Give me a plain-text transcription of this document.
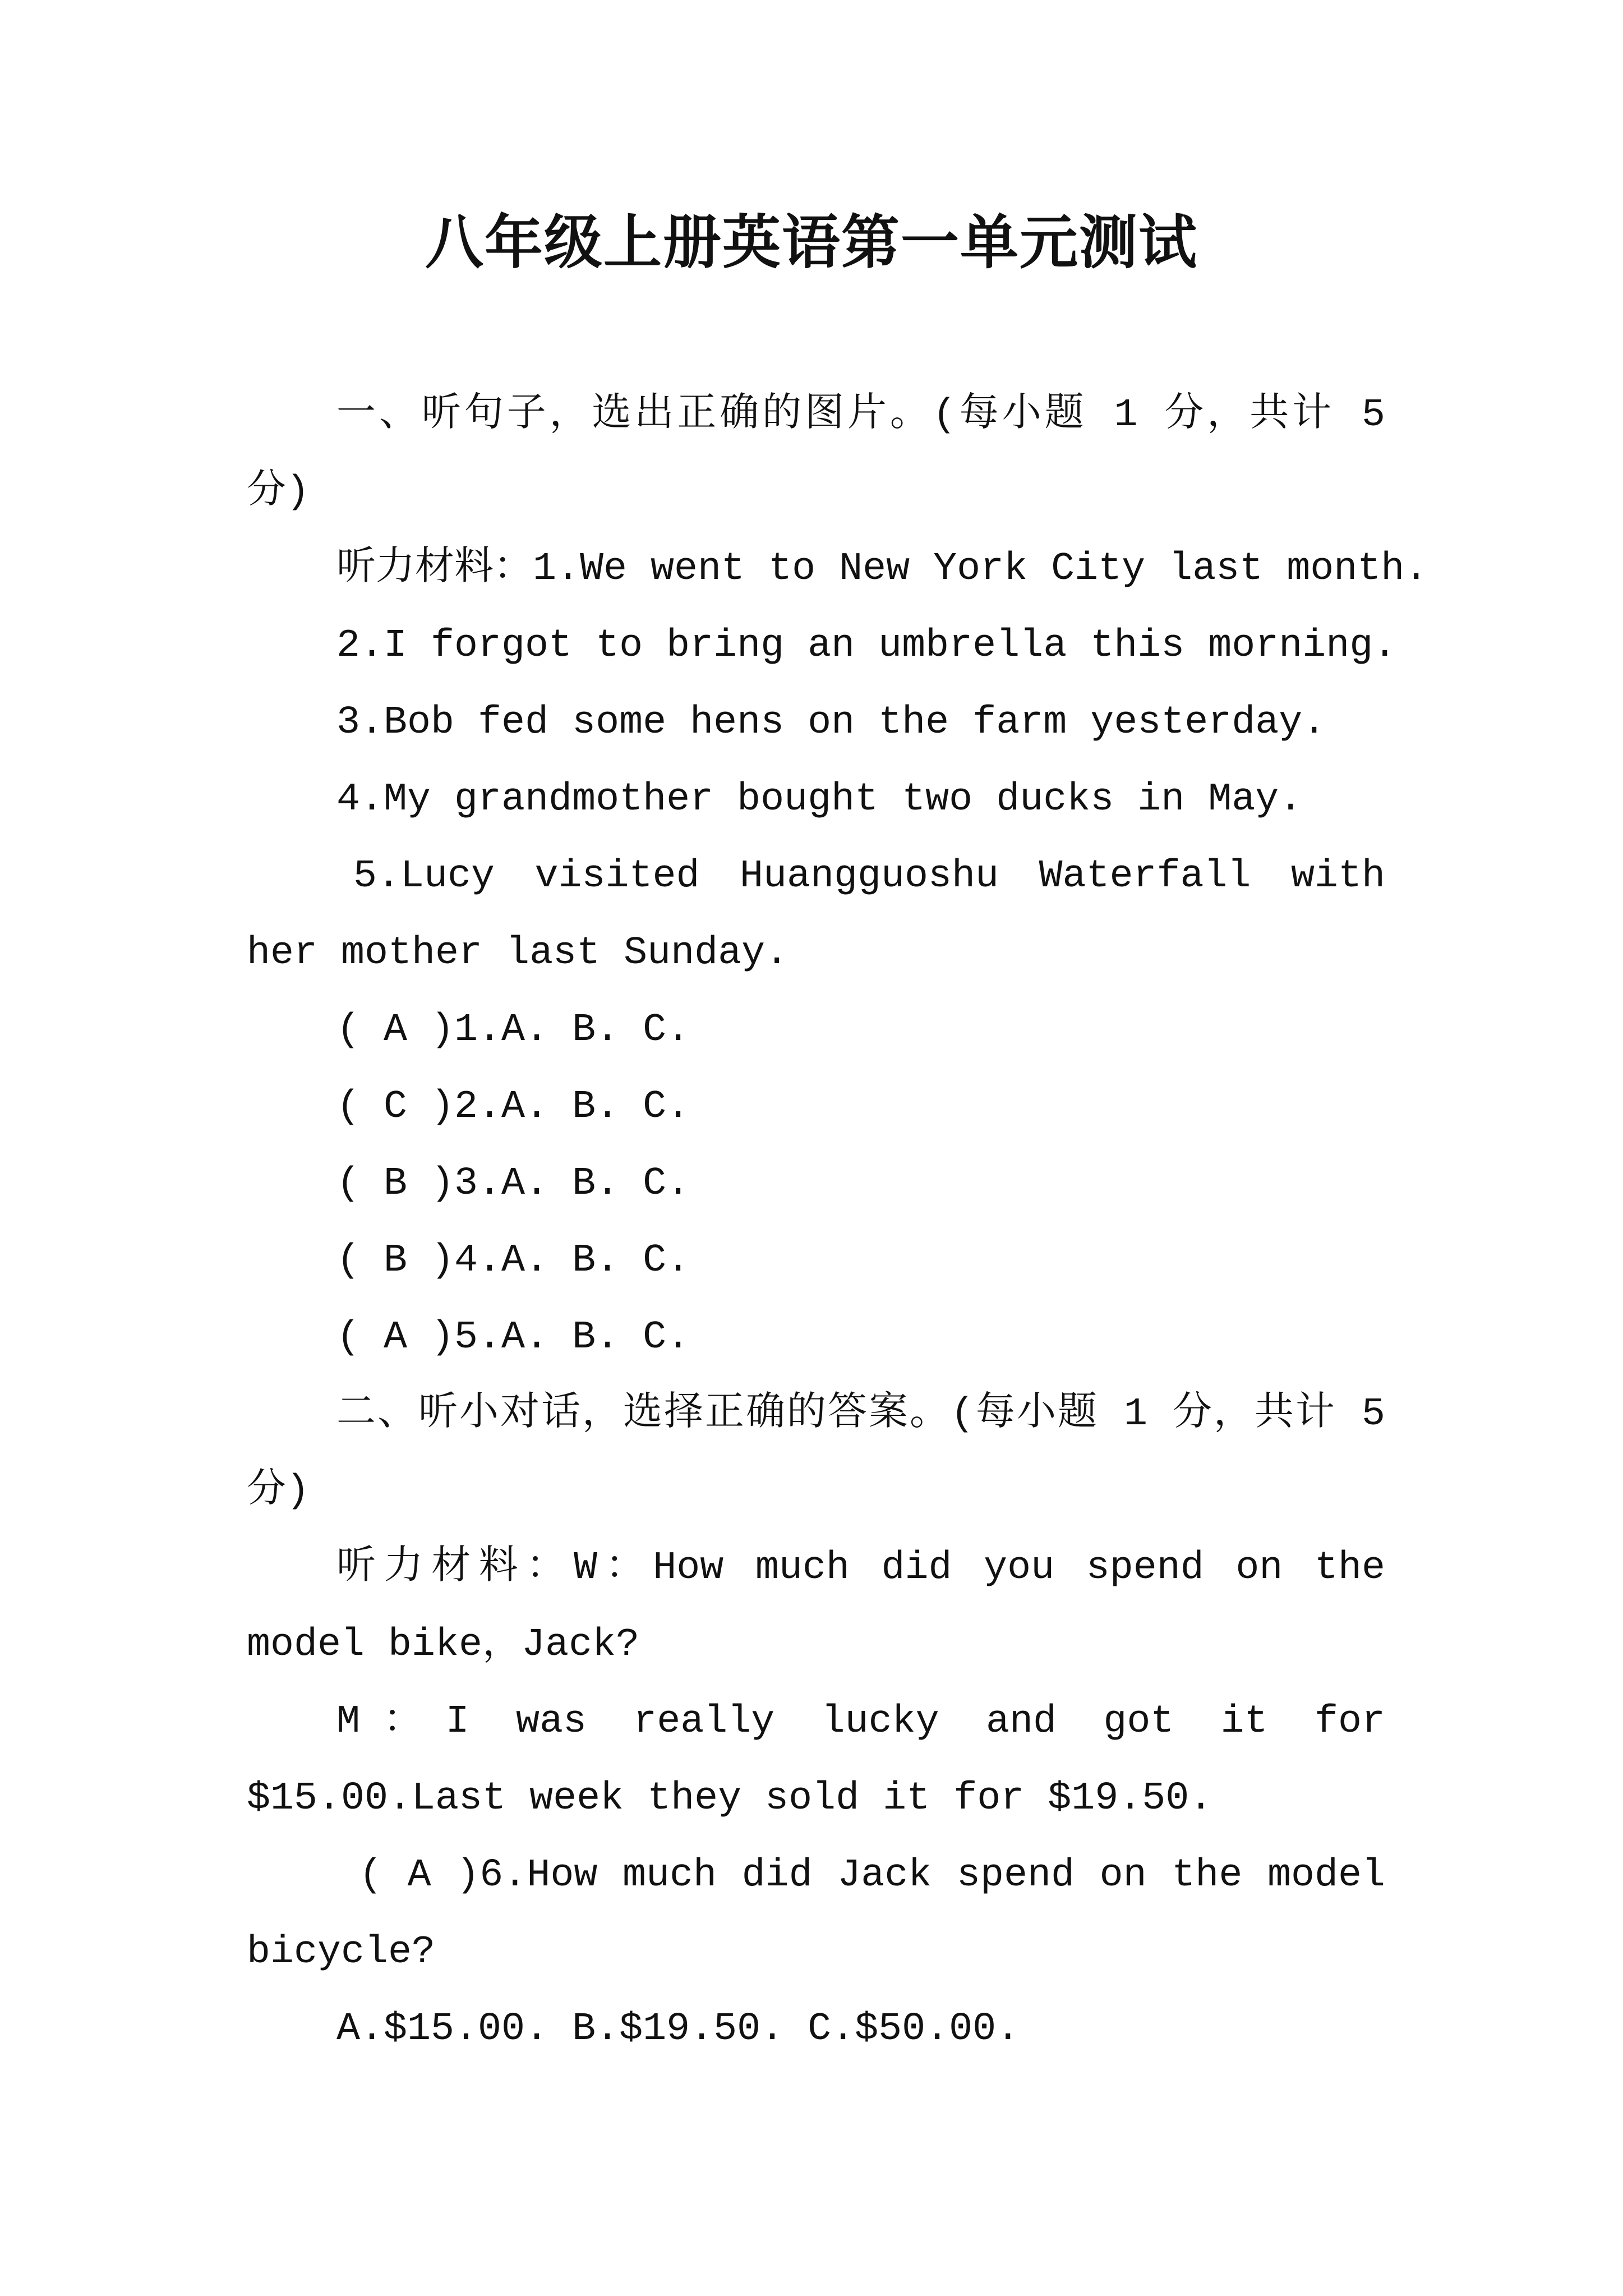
八年级上册英语第一单元测试

一、听句子，选出正确的图片。(每小题 1 分，共计 5 分)

听力材料：1.We went to New York City last month.

2.I forgot to bring an umbrella this morning.

3.Bob fed some hens on the farm yesterday.

4.My grandmother bought two ducks in May.

5.Lucy visited Huangguoshu Waterfall with her mother last Sunday.

( A )1.A. B. C.

( C )2.A. B. C.

( B )3.A. B. C.

( B )4.A. B. C.

( A )5.A. B. C.

二、听小对话，选择正确的答案。(每小题 1 分，共计 5 分)

听力材料：W：How much did you spend on the model bike，Jack?

M：I was really lucky and got it for $15.00.Last week they sold it for $19.50.

( A )6.How much did Jack spend on the model bicycle?

A.$15.00. B.$19.50. C.$50.00.
